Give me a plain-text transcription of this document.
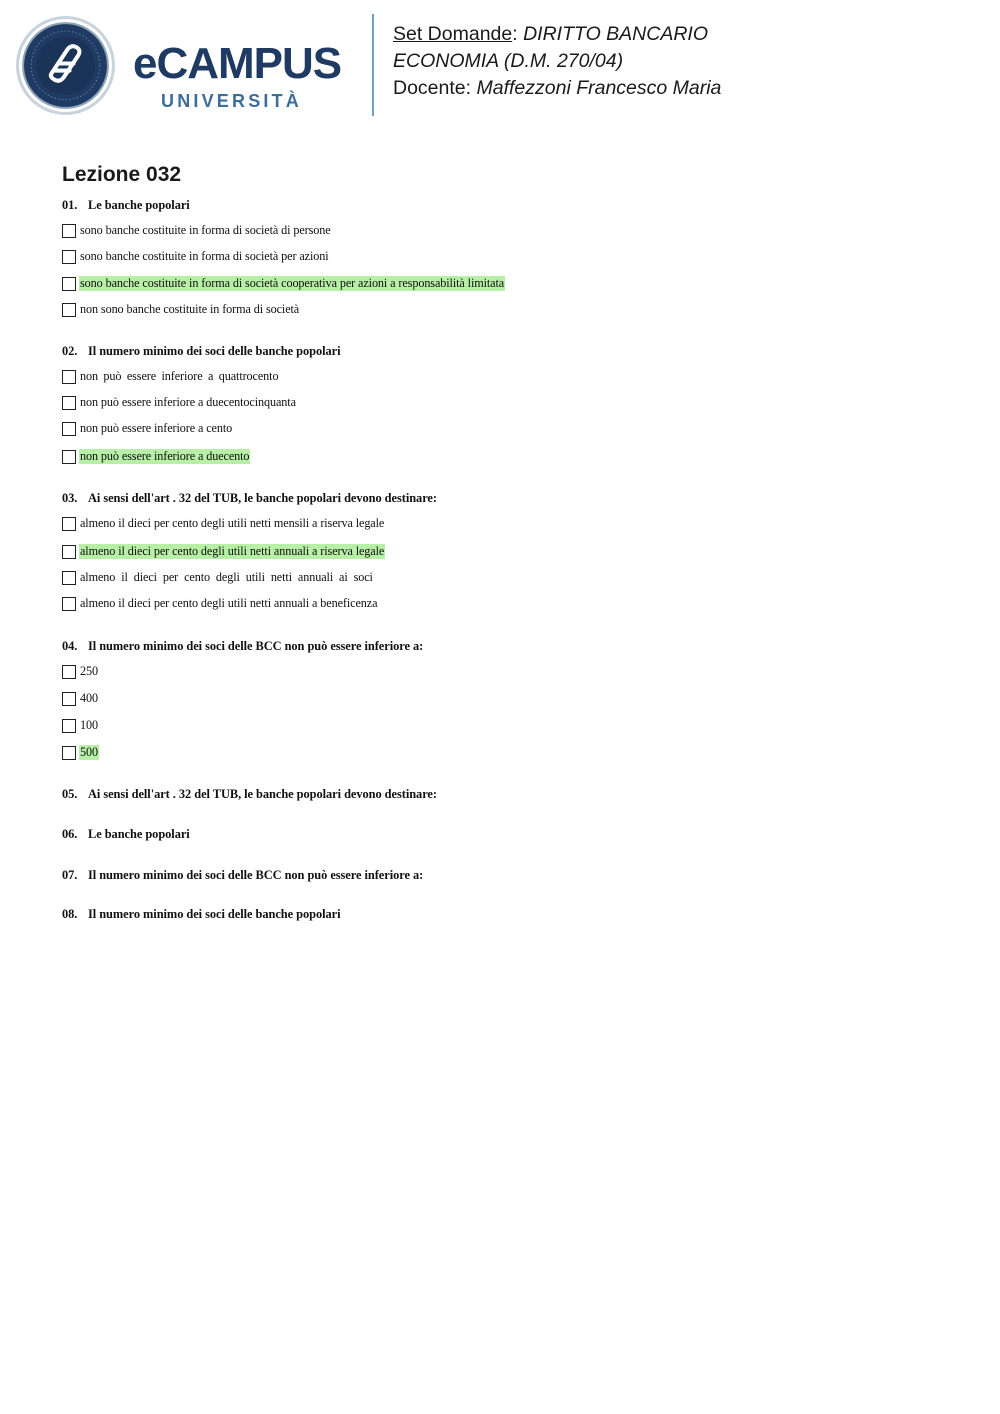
eCAMPUS
UNIVERSITÀ
Set Domande: DIRITTO BANCARIO
ECONOMIA (D.M. 270/04)
Docente: Maffezzoni Francesco Maria
Lezione 032
01. Le banche popolari
sono banche costituite in forma di società di persone
sono banche costituite in forma di società per azioni
sono banche costituite in forma di società cooperativa per azioni a responsabilità limitata
non sono banche costituite in forma di società
02. Il numero minimo dei soci delle banche popolari
non può essere inferiore a quattrocento
non può essere inferiore a duecentocinquanta
non può essere inferiore a cento
non può essere inferiore a duecento
03. Ai sensi dell'art . 32 del TUB, le banche popolari devono destinare:
almeno il dieci per cento degli utili netti mensili a riserva legale
almeno il dieci per cento degli utili netti annuali a riserva legale
almeno il dieci per cento degli utili netti annuali ai soci
almeno il dieci per cento degli utili netti annuali a beneficenza
04. Il numero minimo dei soci delle BCC non può essere inferiore a:
250
400
100
500
05. Ai sensi dell'art . 32 del TUB, le banche popolari devono destinare:
06. Le banche popolari
07. Il numero minimo dei soci delle BCC non può essere inferiore a:
08. Il numero minimo dei soci delle banche popolari
